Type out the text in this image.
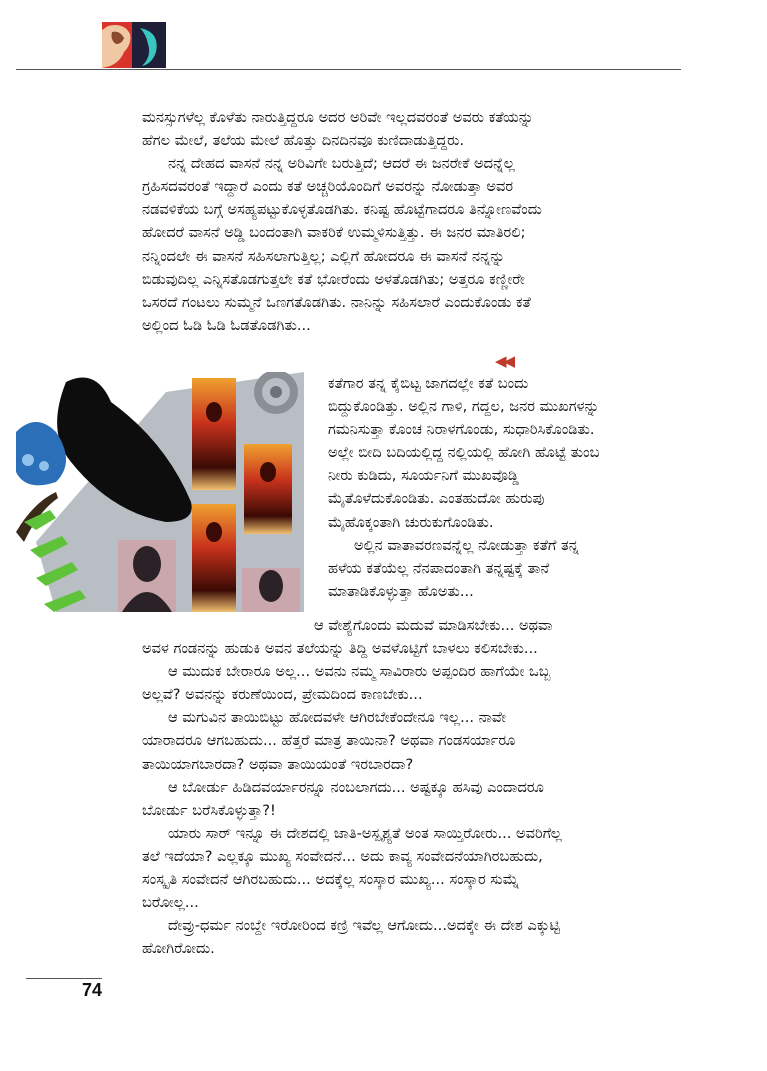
ಮನಸ್ಸುಗಳೆಲ್ಲ ಕೊಳೆತು ನಾರುತ್ತಿದ್ದರೂ ಅದರ ಅರಿವೇ ಇಲ್ಲದವರಂತೆ ಅವರು ಕತೆಯನ್ನು
ಹೆಗಲ ಮೇಲೆ, ತಲೆಯ ಮೇಲೆ ಹೊತ್ತು ದಿನದಿನವೂ ಕುಣಿದಾಡುತ್ತಿದ್ದರು.
ನನ್ನ ದೇಹದ ವಾಸನೆ ನನ್ನ ಅರಿವಿಗೇ ಬರುತ್ತಿದೆ; ಆದರೆ ಈ ಜನರೇಕೆ ಅದನ್ನೆಲ್ಲ
ಗ್ರಹಿಸದವರಂತೆ ಇದ್ದಾರೆ ಎಂದು ಕತೆ ಅಚ್ಚರಿಯೊಂದಿಗೆ ಅವರನ್ನು ನೋಡುತ್ತಾ ಅವರ
ನಡವಳಿಕೆಯ ಬಗ್ಗೆ ಅಸಹ್ಯಪಟ್ಟುಕೊಳ್ಳತೊಡಗಿತು. ಕನಿಷ್ಟ ಹೊಟ್ಟೆಗಾದರೂ ತಿನ್ನೋಣವೆಂದು
ಹೋದರೆ ವಾಸನೆ ಅಡ್ಡಿ ಬಂದಂತಾಗಿ ವಾಕರಿಕೆ ಉಮ್ಮಳಿಸುತ್ತಿತ್ತು. ಈ ಜನರ ಮಾತಿರಲಿ;
ನನ್ನಿಂದಲೇ ಈ ವಾಸನೆ ಸಹಿಸಲಾಗುತ್ತಿಲ್ಲ; ಎಲ್ಲಿಗೆ ಹೋದರೂ ಈ ವಾಸನೆ ನನ್ನನ್ನು
ಬಿಡುವುದಿಲ್ಲ ಎನ್ನಿಸತೊಡಗುತ್ತಲೇ ಕತೆ ಭೋರೆಂದು ಅಳತೊಡಗಿತು; ಅತ್ತರೂ ಕಣ್ಣೀರೇ
ಒಸರದೆ ಗಂಟಲು ಸುಮ್ಮನೆ ಒಣಗತೊಡಗಿತು. ನಾನಿನ್ನು ಸಹಿಸಲಾರೆ ಎಂದುಕೊಂಡು ಕತೆ
ಅಲ್ಲಿಂದ ಓಡಿ ಓಡಿ ಓಡತೊಡಗಿತು...
◀◀
ಕತೆಗಾರ ತನ್ನ ಕೈಬಿಟ್ಟ ಜಾಗದಲ್ಲೇ ಕತೆ ಬಂದು
ಬಿದ್ದುಕೊಂಡಿತ್ತು. ಅಲ್ಲಿನ ಗಾಳಿ, ಗದ್ದಲ, ಜನರ ಮುಖಗಳನ್ನು
ಗಮನಿಸುತ್ತಾ ಕೊಂಚ ನಿರಾಳಗೊಂಡು, ಸುಧಾರಿಸಿಕೊಂಡಿತು.
ಅಲ್ಲೇ ಬೀದಿ ಬದಿಯಲ್ಲಿದ್ದ ನಲ್ಲಿಯಲ್ಲಿ ಹೋಗಿ ಹೊಟ್ಟೆ ತುಂಬ
ನೀರು ಕುಡಿದು, ಸೂರ್ಯನಿಗೆ ಮುಖವೊಡ್ಡಿ
ಮೈತೊಳೆದುಕೊಂಡಿತು. ಎಂತಹುದೋ ಹುರುಪು
ಮೈಹೊಕ್ಕಂತಾಗಿ ಚುರುಕುಗೊಂಡಿತು.
ಅಲ್ಲಿನ ವಾತಾವರಣವನ್ನೆಲ್ಲ ನೋಡುತ್ತಾ ಕತೆಗೆ ತನ್ನ
ಹಳೆಯ ಕತೆಯೆಲ್ಲ ನೆನಪಾದಂತಾಗಿ ತನ್ನಷ್ಟಕ್ಕೆ ತಾನೆ
ಮಾತಾಡಿಕೊಳ್ಳುತ್ತಾ ಹೊಅತು...
ಆ ವೇಶ್ಯೆಗೊಂದು ಮದುವೆ ಮಾಡಿಸಬೇಕು... ಅಥವಾ
ಅವಳ ಗಂಡನನ್ನು ಹುಡುಕಿ ಅವನ ತಲೆಯನ್ನು ತಿದ್ದಿ ಅವಳೊಟ್ಟಿಗೆ ಬಾಳಲು ಕಲಿಸಬೇಕು...
ಆ ಮುದುಕ ಬೇರಾರೂ ಅಲ್ಲ... ಅವನು ನಮ್ಮ ಸಾವಿರಾರು ಅಪ್ಪಂದಿರ ಹಾಗೆಯೇ ಒಬ್ಬ
ಅಲ್ಲವೆ? ಅವನನ್ನು ಕರುಣೆಯಿಂದ, ಪ್ರೇಮದಿಂದ ಕಾಣಬೇಕು...
ಆ ಮಗುವಿನ ತಾಯಿಬಿಟ್ಟು ಹೋದವಳೇ ಆಗಿರಬೇಕೆಂದೇನೂ ಇಲ್ಲ... ನಾವೇ
ಯಾರಾದರೂ ಆಗಬಹುದು... ಹೆತ್ತರೆ ಮಾತ್ರ ತಾಯಿನಾ? ಅಥವಾ ಗಂಡಸರ್ಯಾರೂ
ತಾಯಿಯಾಗಬಾರದಾ? ಅಥವಾ ತಾಯಿಯಂತೆ ಇರಬಾರದಾ?
ಆ ಬೋರ್ಡು ಹಿಡಿದವರ್ಯಾರನ್ನೂ ನಂಬಲಾಗದು... ಅಷ್ಟಕ್ಕೂ ಹಸಿವು ಎಂದಾದರೂ
ಬೋರ್ಡು ಬರೆಸಿಕೊಳ್ಳುತ್ತಾ?!
ಯಾರು ಸಾರ್ ಇನ್ನೂ ಈ ದೇಶದಲ್ಲಿ ಜಾತಿ-ಅಸ್ಪೃಶ್ಯತೆ ಅಂತ ಸಾಯ್ತಿರೋರು... ಅವರಿಗೆಲ್ಲ
ತಲೆ ಇದೆಯಾ? ಎಲ್ಲಕ್ಕೂ ಮುಖ್ಯ ಸಂವೇದನೆ... ಅದು ಕಾವ್ಯ ಸಂವೇದನೆಯಾಗಿರಬಹುದು,
ಸಂಸ್ಕೃತಿ ಸಂವೇದನೆ ಆಗಿರಬಹುದು... ಅದಕ್ಕೆಲ್ಲ ಸಂಸ್ಕಾರ ಮುಖ್ಯ... ಸಂಸ್ಕಾರ ಸುಮ್ನೆ
ಬರೋಲ್ಲ...
ದೇವ್ರು-ಧರ್ಮ ನಂಬ್ದೇ ಇರೋರಿಂದ ಕಣ್ರಿ ಇವೆಲ್ಲ ಆಗೋದು...ಅದಕ್ಕೇ ಈ ದೇಶ ಎಕ್ಕುಟ್ಟಿ
ಹೋಗಿರೋದು.
74
